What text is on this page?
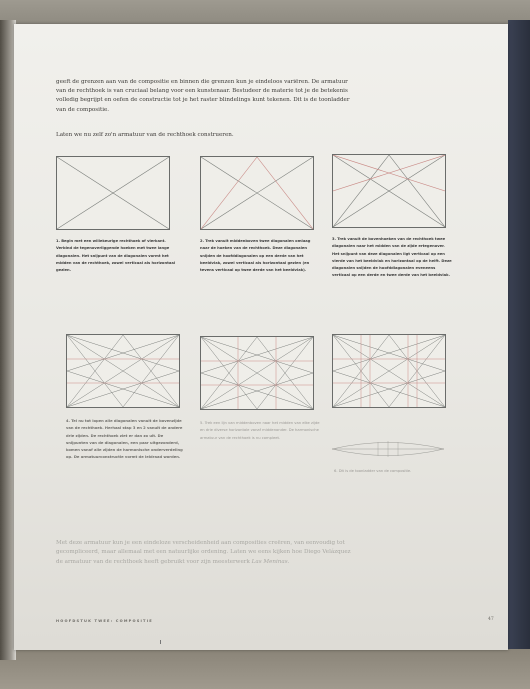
geeft de grenzen aan van de compositie en binnen die grenzen kun je eindeloos variëren. De armatuur van de rechthoek is van cruciaal belang voor een kunstenaar. Bestudeer de materie tot je de betekenis volledig begrijpt en oefen de constructie tot je het raster blindelings kunt tekenen. Dit is de toonladder van de compositie.

Laten we nu zelf zo'n armatuur van de rechthoek construeren.
1. Begin met een willekeurige rechthoek of vierkant. Verbind de tegenoverliggende hoeken met twee lange diagonalen. Het snijpunt van de diagonalen vormt het midden van de rechthoek, zowel verticaal als horizontaal gezien.
2. Trek vanuit middenboven twee diagonalen omlaag naar de hoeken van de rechthoek. Deze diagonalen snijden de hoofddiagonalen op een derde van het beeldvlak, zowel verticaal als horizontaal gezien (en tevens verticaal op twee derde van het beeldvlak).
3. Trek vanuit de bovenhoeken van de rechthoek twee diagonalen naar het midden van de zijde ertegenover. Het snijpunt van deze diagonalen ligt verticaal op een vierde van het beeldvlak en horizontaal op de helft. Deze diagonalen snijden de hoofddiagonalen eveneens verticaal op een derde en twee derde van het beeldvlak.
4. Tel nu tot lopen alle diagonalen vanuit de bovenzijde van de rechthoek. Herhaal stap 3 en 2 vanuit de andere drie zijden. De rechthoek ziet er dan zo uit. De snijpunten van de diagonalen, een paar uitgezonderd, komen vanaf alle zijden de harmonische onderverdeling op. De armatuurconstructie vormt de leidraad worden.
5. Trek een lijn van middenboven naar het midden van elke zijde en drie diverse horizontale vanaf middenonder. De harmonische armatuur van de rechthoek is nu compleet.
6. Dit is de toonladder van de compositie.

Met deze armatuur kun je een eindeloze verscheidenheid aan composities creëren, van eenvoudig tot gecompliceerd, maar allemaal met een natuurlijke ordening. Laten we eens kijken hoe Diego Velázquez de armatuur van de rechthoek heeft gebruikt voor zijn meesterwerk Las Meninas.

HOOFDSTUK TWEE: COMPOSITIE	47
